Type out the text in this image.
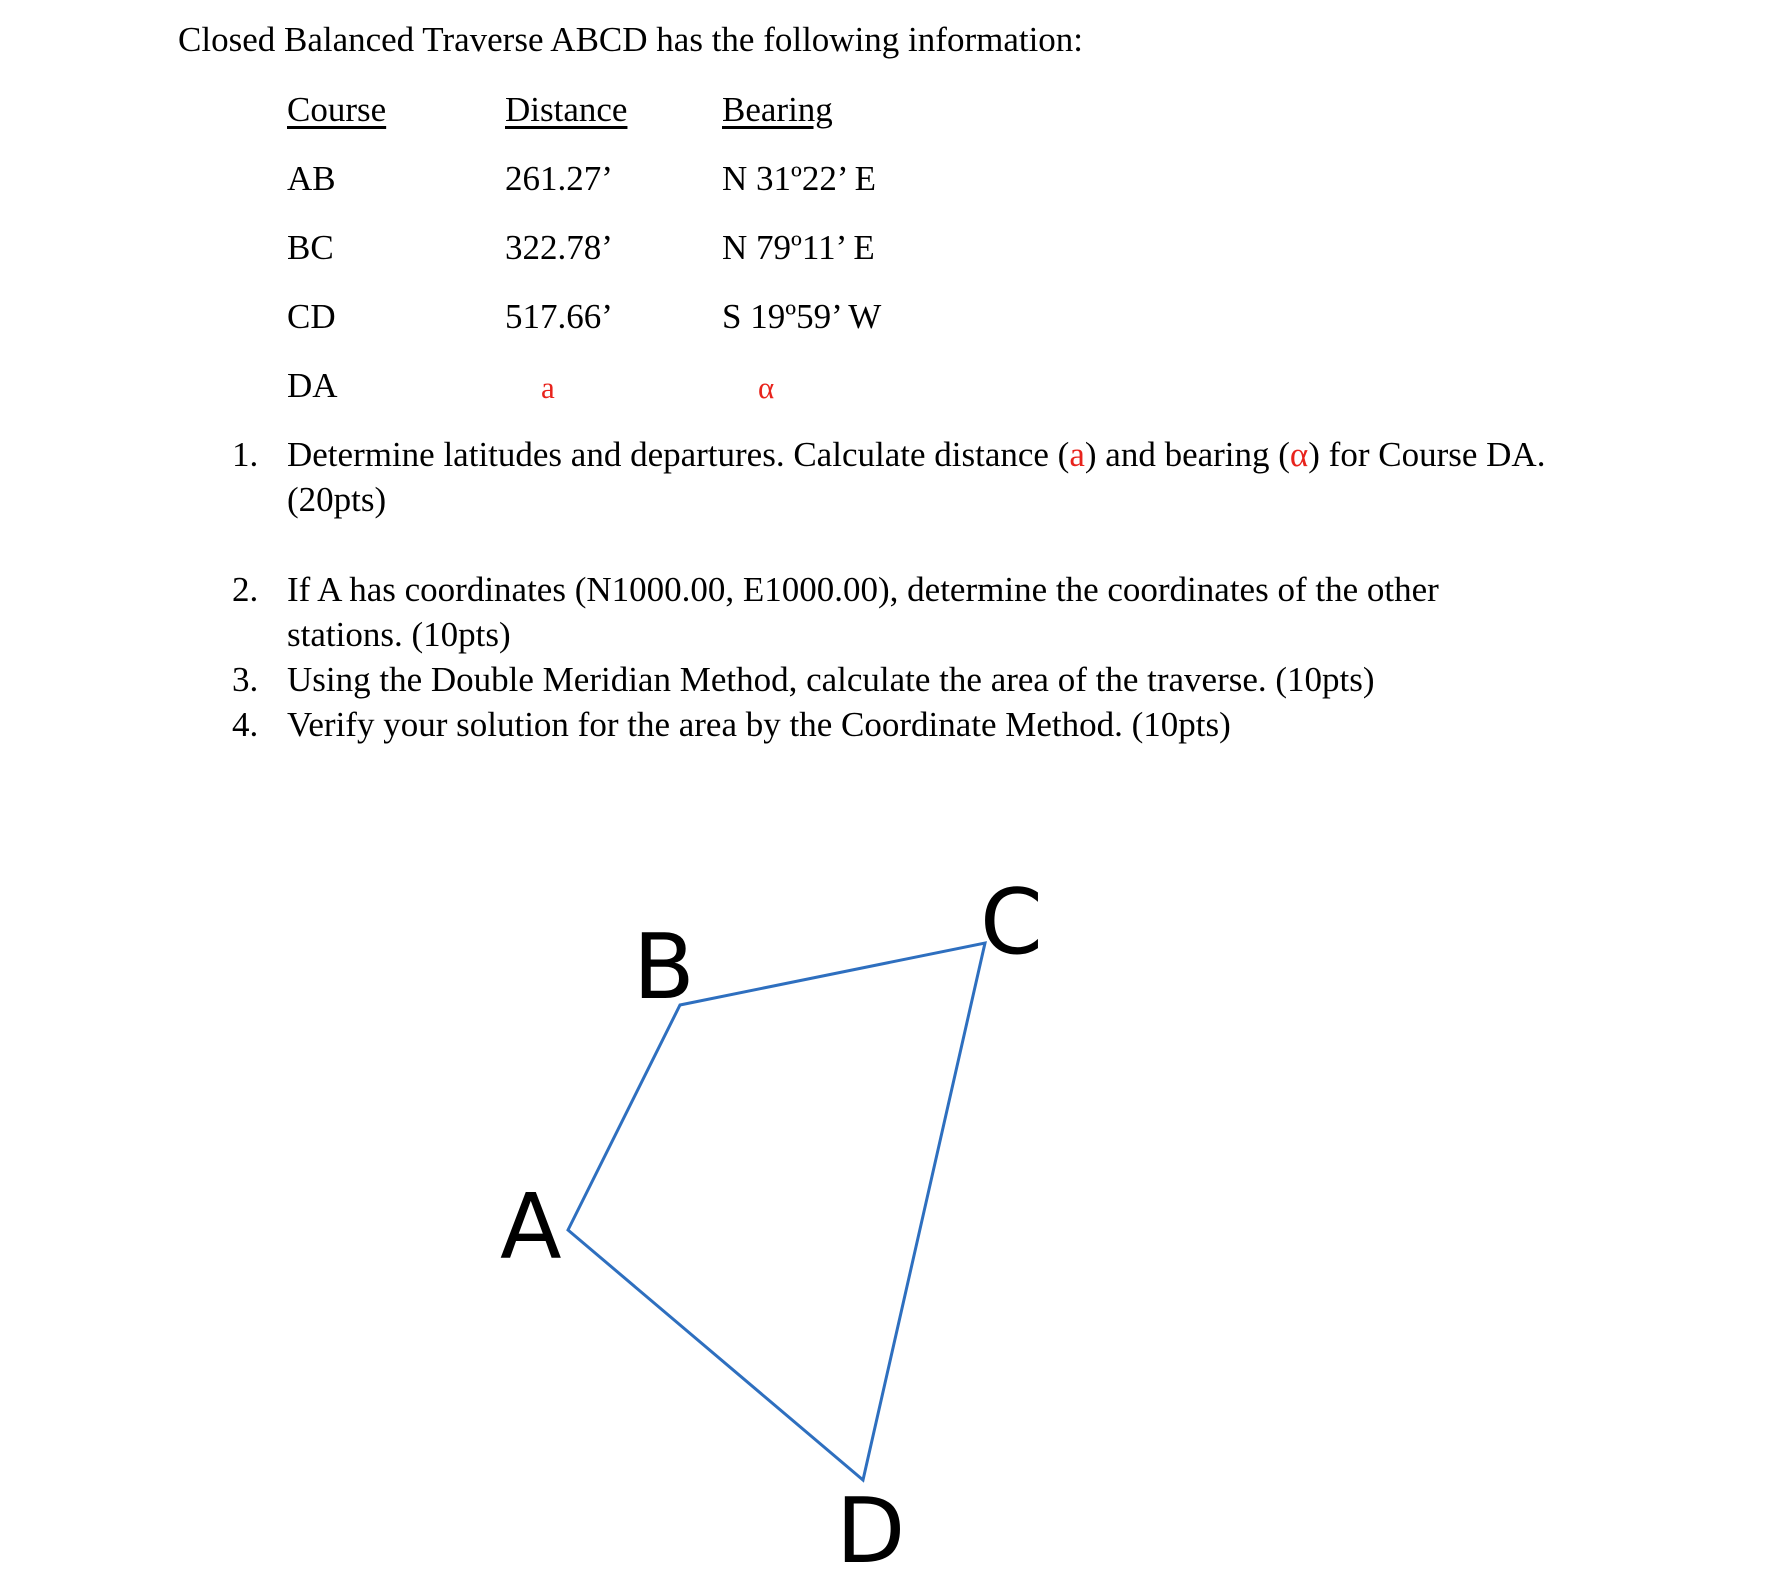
Closed Balanced Traverse ABCD has the following information:
Course	Distance	Bearing
AB	261.27’	N 31º22’ E
BC	322.78’	N 79º11’ E
CD	517.66’	S 19º59’ W
DA	a	α
1. Determine latitudes and departures. Calculate distance (a) and bearing (α) for Course DA.
(20pts)
2. If A has coordinates (N1000.00, E1000.00), determine the coordinates of the other
stations. (10pts)
3. Using the Double Meridian Method, calculate the area of the traverse. (10pts)
4. Verify your solution for the area by the Coordinate Method. (10pts)
A
B	C
D
